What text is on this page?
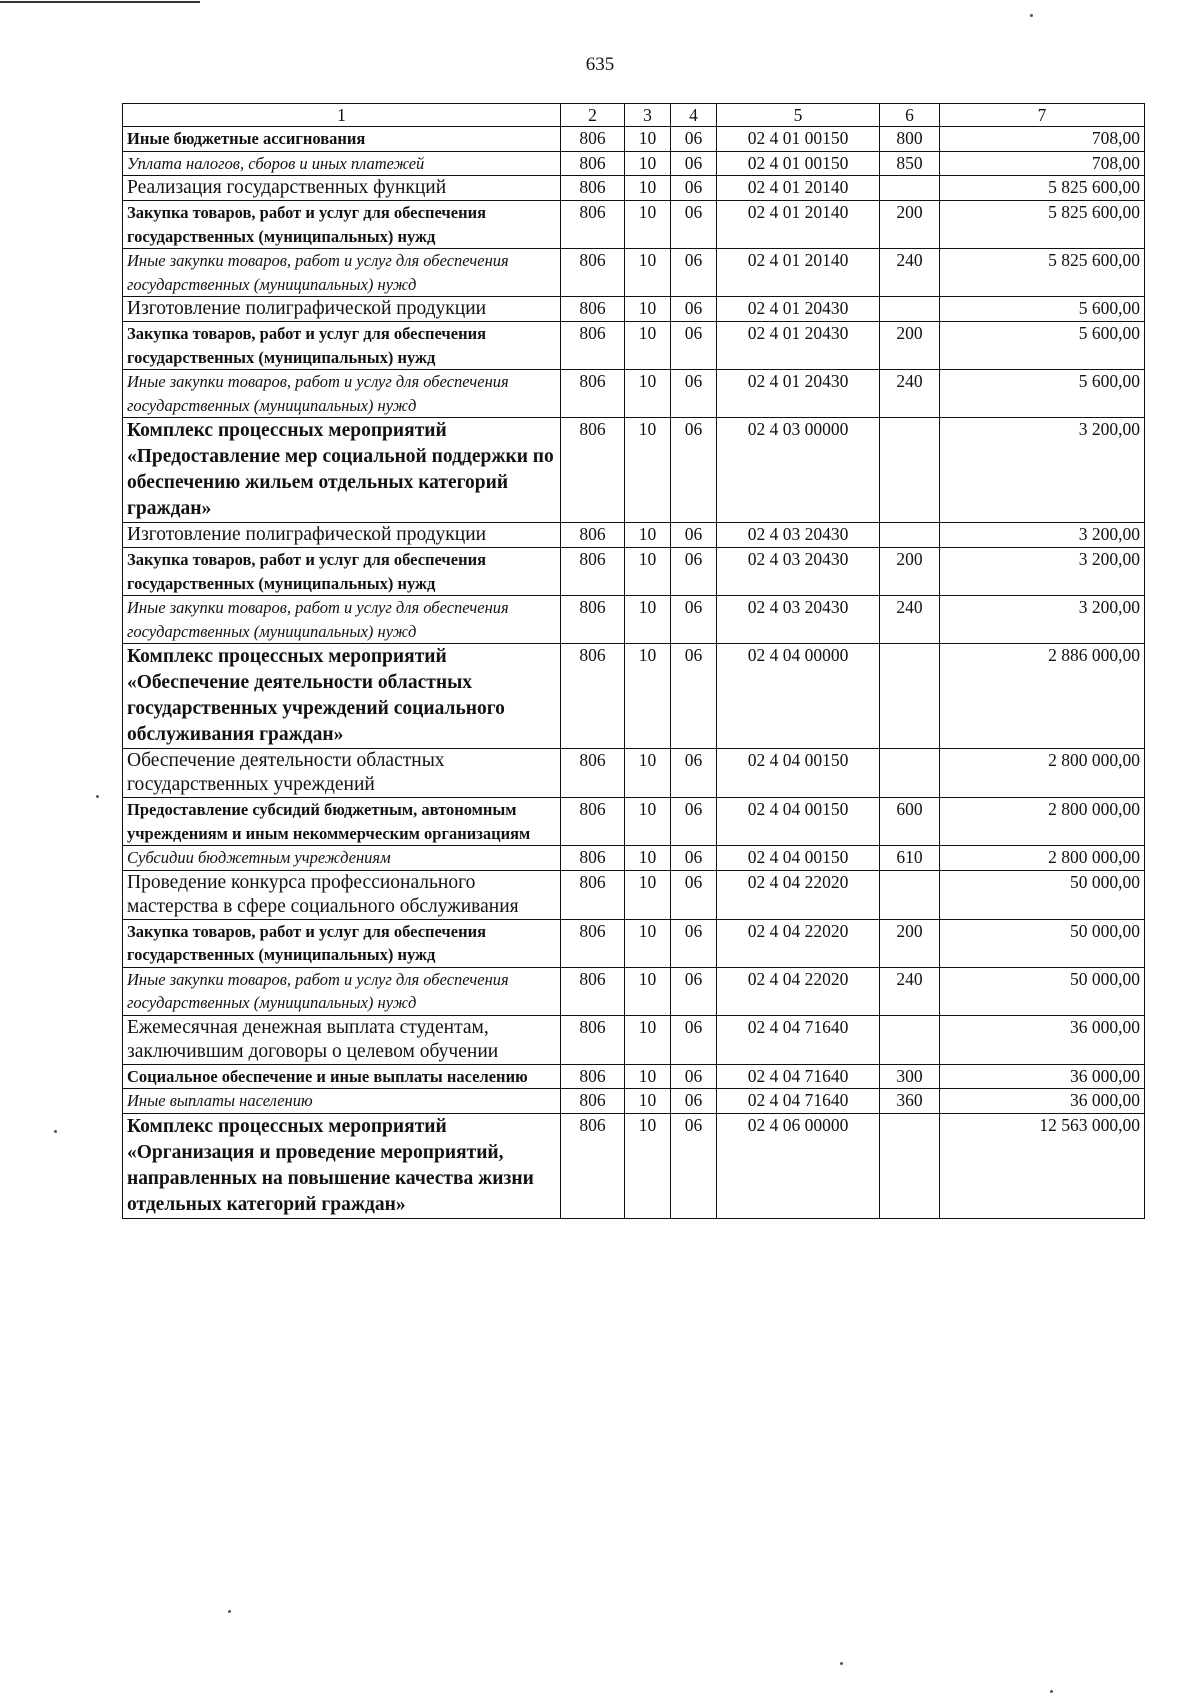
635
1	2	3	4	5	6	7
Иные бюджетные ассигнования	806	10	06	02 4 01 00150	800	708,00
Уплата налогов, сборов и иных платежей	806	10	06	02 4 01 00150	850	708,00
Реализация государственных функций	806	10	06	02 4 01 20140		5 825 600,00
Закупка товаров, работ и услуг для обеспечения государственных (муниципальных) нужд	806	10	06	02 4 01 20140	200	5 825 600,00
Иные закупки товаров, работ и услуг для обеспечения государственных (муниципальных) нужд	806	10	06	02 4 01 20140	240	5 825 600,00
Изготовление полиграфической продукции	806	10	06	02 4 01 20430		5 600,00
Закупка товаров, работ и услуг для обеспечения государственных (муниципальных) нужд	806	10	06	02 4 01 20430	200	5 600,00
Иные закупки товаров, работ и услуг для обеспечения государственных (муниципальных) нужд	806	10	06	02 4 01 20430	240	5 600,00
Комплекс процессных мероприятий «Предоставление мер социальной поддержки по обеспечению жильем отдельных категорий граждан»	806	10	06	02 4 03 00000		3 200,00
Изготовление полиграфической продукции	806	10	06	02 4 03 20430		3 200,00
Закупка товаров, работ и услуг для обеспечения государственных (муниципальных) нужд	806	10	06	02 4 03 20430	200	3 200,00
Иные закупки товаров, работ и услуг для обеспечения государственных (муниципальных) нужд	806	10	06	02 4 03 20430	240	3 200,00
Комплекс процессных мероприятий «Обеспечение деятельности областных государственных учреждений социального обслуживания граждан»	806	10	06	02 4 04 00000		2 886 000,00
Обеспечение деятельности областных государственных учреждений	806	10	06	02 4 04 00150		2 800 000,00
Предоставление субсидий бюджетным, автономным учреждениям и иным некоммерческим организациям	806	10	06	02 4 04 00150	600	2 800 000,00
Субсидии бюджетным учреждениям	806	10	06	02 4 04 00150	610	2 800 000,00
Проведение конкурса профессионального мастерства в сфере социального обслуживания	806	10	06	02 4 04 22020		50 000,00
Закупка товаров, работ и услуг для обеспечения государственных (муниципальных) нужд	806	10	06	02 4 04 22020	200	50 000,00
Иные закупки товаров, работ и услуг для обеспечения государственных (муниципальных) нужд	806	10	06	02 4 04 22020	240	50 000,00
Ежемесячная денежная выплата студентам, заключившим договоры о целевом обучении	806	10	06	02 4 04 71640		36 000,00
Социальное обеспечение и иные выплаты населению	806	10	06	02 4 04 71640	300	36 000,00
Иные выплаты населению	806	10	06	02 4 04 71640	360	36 000,00
Комплекс процессных мероприятий «Организация и проведение мероприятий, направленных на повышение качества жизни отдельных категорий граждан»	806	10	06	02 4 06 00000		12 563 000,00
